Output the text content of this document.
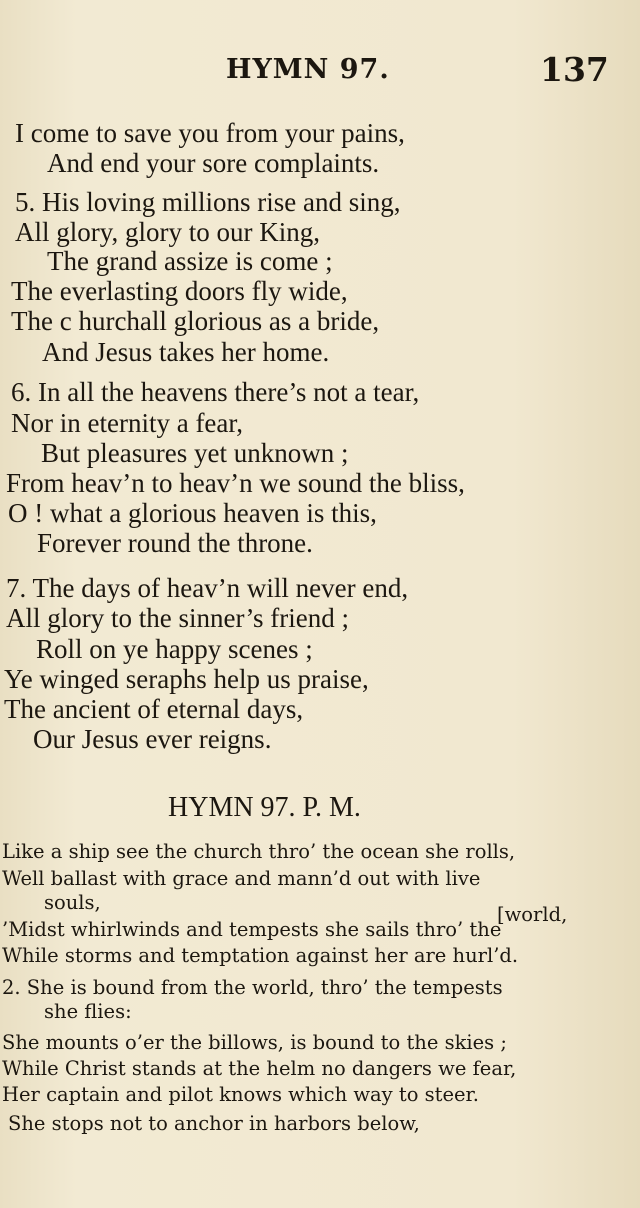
HYMN 97.	137
I come to save you from your pains,
And end your sore complaints.
5. His loving millions rise and sing,
All glory, glory to our King,
The grand assize is come ;
The everlasting doors fly wide,
The c hurchall glorious as a bride,
And Jesus takes her home.
6. In all the heavens there’s not a tear,
Nor in eternity a fear,
But pleasures yet unknown ;
From heav’n to heav’n we sound the bliss,
O ! what a glorious heaven is this,
Forever round the throne.
7. The days of heav’n will never end,
All glory to the sinner’s friend ;
Roll on ye happy scenes ;
Ye winged seraphs help us praise,
The ancient of eternal days,
Our Jesus ever reigns.
HYMN 97. P. M.
Like a ship see the church thro’ the ocean she rolls,
Well ballast with grace and mann’d out with live
souls,
[world,
’Midst whirlwinds and tempests she sails thro’ the
While storms and temptation against her are hurl’d.
2. She is bound from the world, thro’ the tempests
she flies:
She mounts o’er the billows, is bound to the skies ;
While Christ stands at the helm no dangers we fear,
Her captain and pilot knows which way to steer.
She stops not to anchor in harbors below,
